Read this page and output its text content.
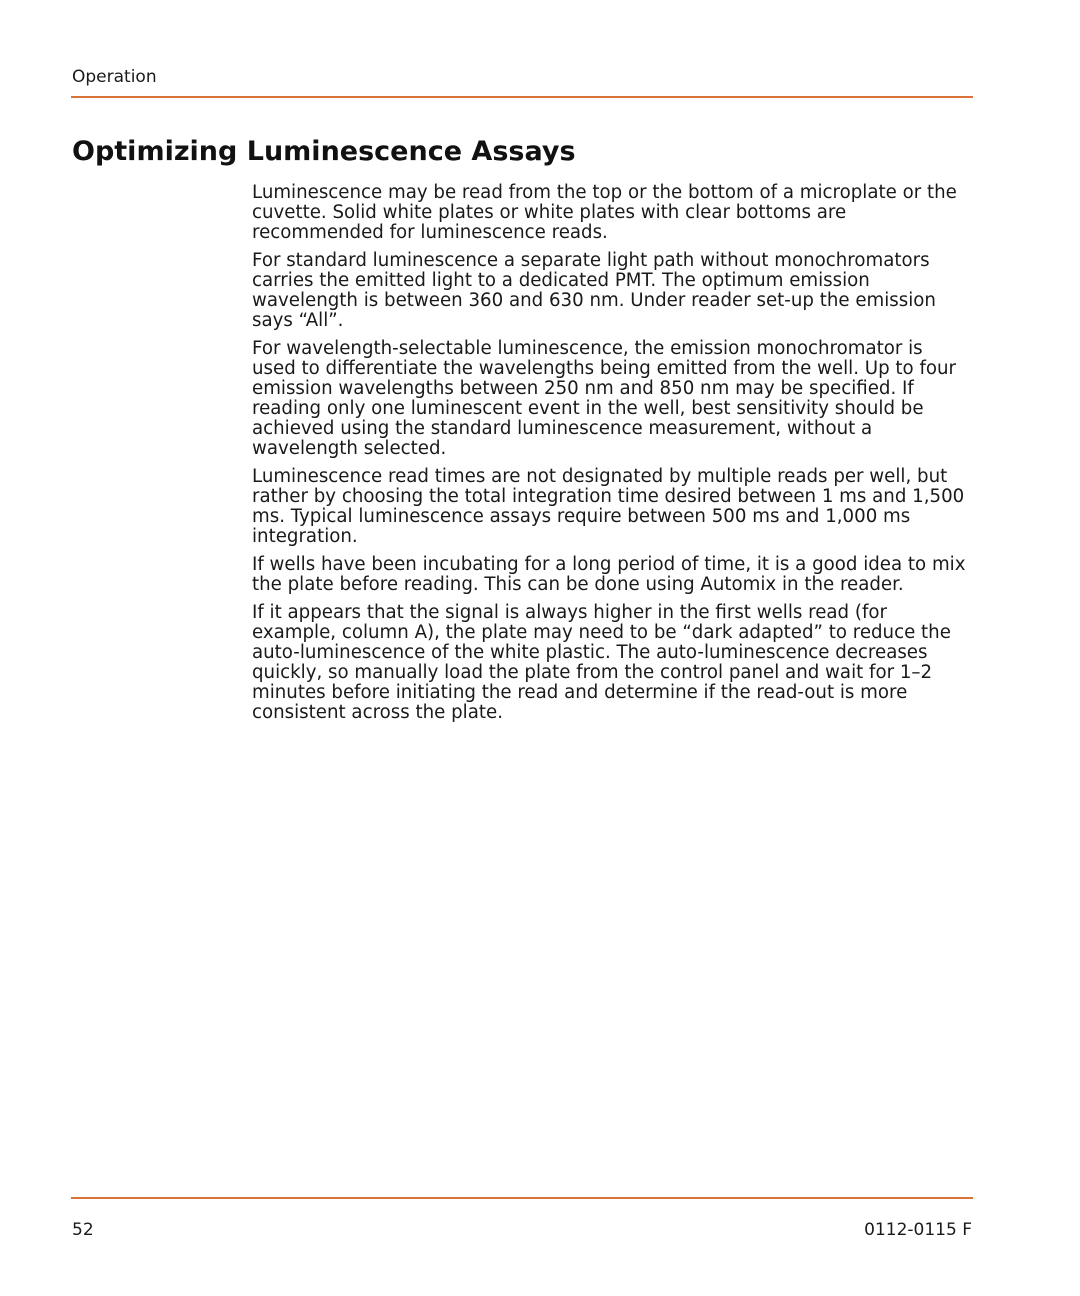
Operation
Optimizing Luminescence Assays

Luminescence may be read from the top or the bottom of a microplate or the cuvette. Solid white plates or white plates with clear bottoms are recommended for luminescence reads.

For standard luminescence a separate light path without monochromators carries the emitted light to a dedicated PMT. The optimum emission wavelength is between 360 and 630 nm. Under reader set-up the emission says “All”.

For wavelength-selectable luminescence, the emission monochromator is used to differentiate the wavelengths being emitted from the well. Up to four emission wavelengths between 250 nm and 850 nm may be specified. If reading only one luminescent event in the well, best sensitivity should be achieved using the standard luminescence measurement, without a wavelength selected.

Luminescence read times are not designated by multiple reads per well, but rather by choosing the total integration time desired between 1 ms and 1,500 ms. Typical luminescence assays require between 500 ms and 1,000 ms integration.

If wells have been incubating for a long period of time, it is a good idea to mix the plate before reading. This can be done using Automix in the reader.

If it appears that the signal is always higher in the first wells read (for example, column A), the plate may need to be “dark adapted” to reduce the auto-luminescence of the white plastic. The auto-luminescence decreases quickly, so manually load the plate from the control panel and wait for 1–2 minutes before initiating the read and determine if the read-out is more consistent across the plate.

52	0112-0115 F
